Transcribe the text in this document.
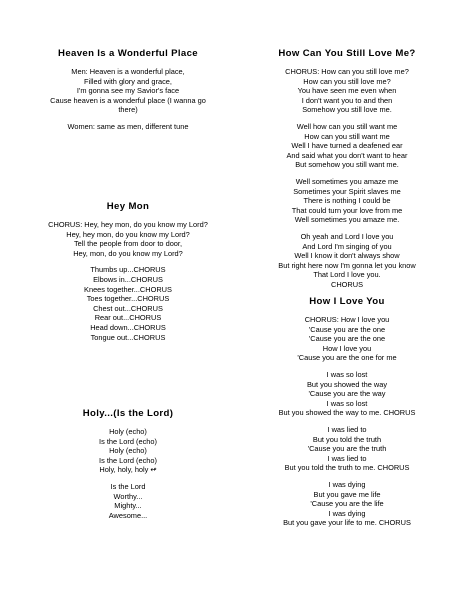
Heaven Is a Wonderful Place
Men: Heaven is a wonderful place,
Filled with glory and grace,
I'm gonna see my Savior's face
Cause heaven is a wonderful place (I wanna go
there)
Women: same as men, different tune
Hey Mon
CHORUS: Hey, hey mon, do you know my Lord?
Hey, hey mon, do you know my Lord?
Tell the people from door to door,
Hey, mon, do you know my Lord?
Thumbs up...CHORUS
Elbows in...CHORUS
Knees together...CHORUS
Toes together...CHORUS
Chest out...CHORUS
Rear out...CHORUS
Head down...CHORUS
Tongue out...CHORUS
Holy...(Is the Lord)
Holy (echo)
Is the Lord (echo)
Holy (echo)
Is the Lord (echo)
Holy, holy, holy ↫
Is the Lord
Worthy...
Mighty...
Awesome...
How Can You Still Love Me?
CHORUS: How can you still love me?
How can you still love me?
You have seen me even when
I don't want you to and then
Somehow you still love me.
Well how can you still want me
How can you still want me
Well I have turned a deafened ear
And said what you don't want to hear
But somehow you still want me.
Well sometimes you amaze me
Sometimes your Spirit slaves me
There is nothing I could be
That could turn your love from me
Well sometimes you amaze me.
Oh yeah and Lord I love you
And Lord I'm singing of you
Well I know it don't always show
But right here now I'm gonna let you know
That Lord I love you.
CHORUS
How I Love You
CHORUS: How I love you
'Cause you are the one
'Cause you are the one
How I love you
'Cause you are the one for me
I was so lost
But you showed the way
'Cause you are the way
I was so lost
But you showed the way to me. CHORUS
I was lied to
But you told the truth
'Cause you are the truth
I was lied to
But you told the truth to me. CHORUS
I was dying
But you gave me life
'Cause you are the life
I was dying
But you gave your life to me. CHORUS
